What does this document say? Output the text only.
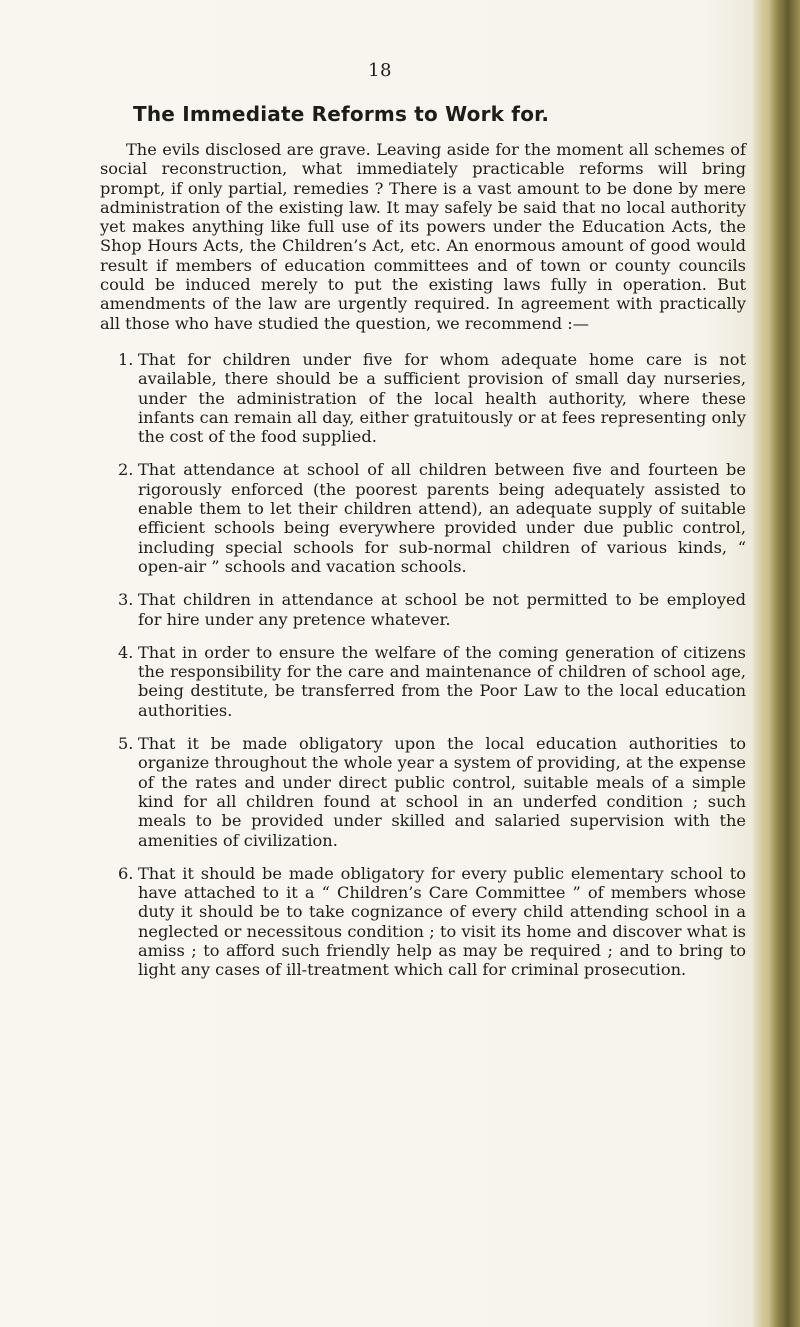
18
The Immediate Reforms to Work for.

The evils disclosed are grave. Leaving aside for the moment all schemes of social reconstruction, what immediately practicable reforms will bring prompt, if only partial, remedies ? There is a vast amount to be done by mere administration of the existing law. It may safely be said that no local authority yet makes anything like full use of its powers under the Education Acts, the Shop Hours Acts, the Children’s Act, etc. An enormous amount of good would result if members of education committees and of town or county councils could be induced merely to put the existing laws fully in operation. But amendments of the law are urgently required. In agreement with practically all those who have studied the question, we recommend :—

1. That for children under five for whom adequate home care is not available, there should be a sufficient provision of small day nurseries, under the administration of the local health authority, where these infants can remain all day, either gratuitously or at fees representing only the cost of the food supplied.
2. That attendance at school of all children between five and fourteen be rigorously enforced (the poorest parents being adequately assisted to enable them to let their children attend), an adequate supply of suitable efficient schools being everywhere provided under due public control, including special schools for sub-normal children of various kinds, “ open-air ” schools and vacation schools.
3. That children in attendance at school be not permitted to be employed for hire under any pretence whatever.
4. That in order to ensure the welfare of the coming generation of citizens the responsibility for the care and maintenance of children of school age, being destitute, be transferred from the Poor Law to the local education authorities.
5. That it be made obligatory upon the local education authorities to organize throughout the whole year a system of providing, at the expense of the rates and under direct public control, suitable meals of a simple kind for all children found at school in an underfed condition ; such meals to be provided under skilled and salaried supervision with the amenities of civilization.
6. That it should be made obligatory for every public elementary school to have attached to it a “ Children’s Care Committee ” of members whose duty it should be to take cognizance of every child attending school in a neglected or necessitous condition ; to visit its home and discover what is amiss ; to afford such friendly help as may be required ; and to bring to light any cases of ill-treatment which call for criminal prosecution.
